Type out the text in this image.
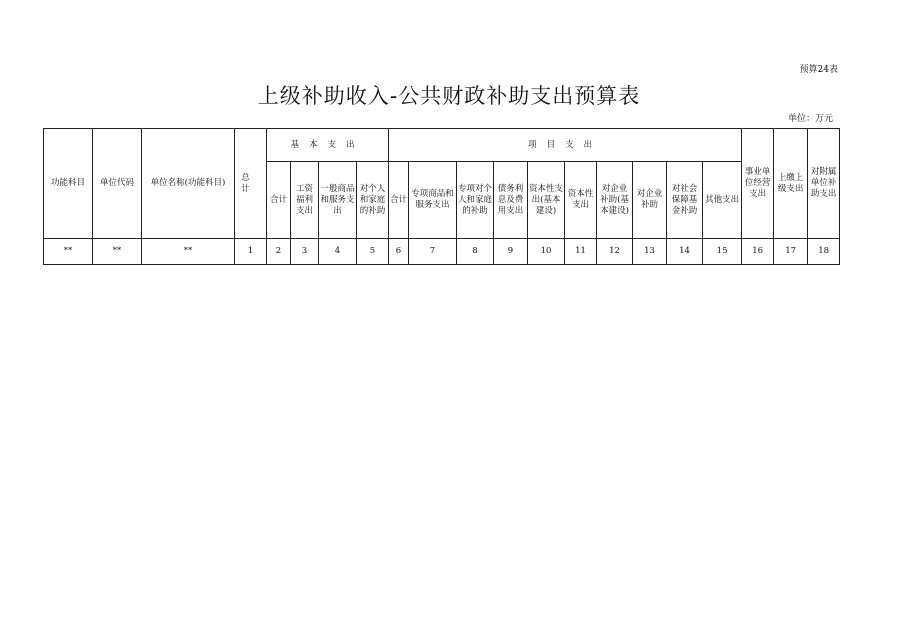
预算24表
上级补助收入-公共财政补助支出预算表
单位：万元
功能科目	单位代码	单位名称(功能科目)	总计	基本支出				项目支出										事业单位经营支出	上缴上级支出	对附属单位补助支出
				合计	工资福利支出	一般商品和服务支出	对个人和家庭的补助	合计	专项商品和服务支出	专项对个人和家庭的补助	债务利息及费用支出	资本性支出(基本建设)	资本性支出	对企业补助(基本建设)	对企业补助	对社会保障基金补助	其他支出			
**	**	**	1	2	3	4	5	6	7	8	9	10	11	12	13	14	15	16	17	18
